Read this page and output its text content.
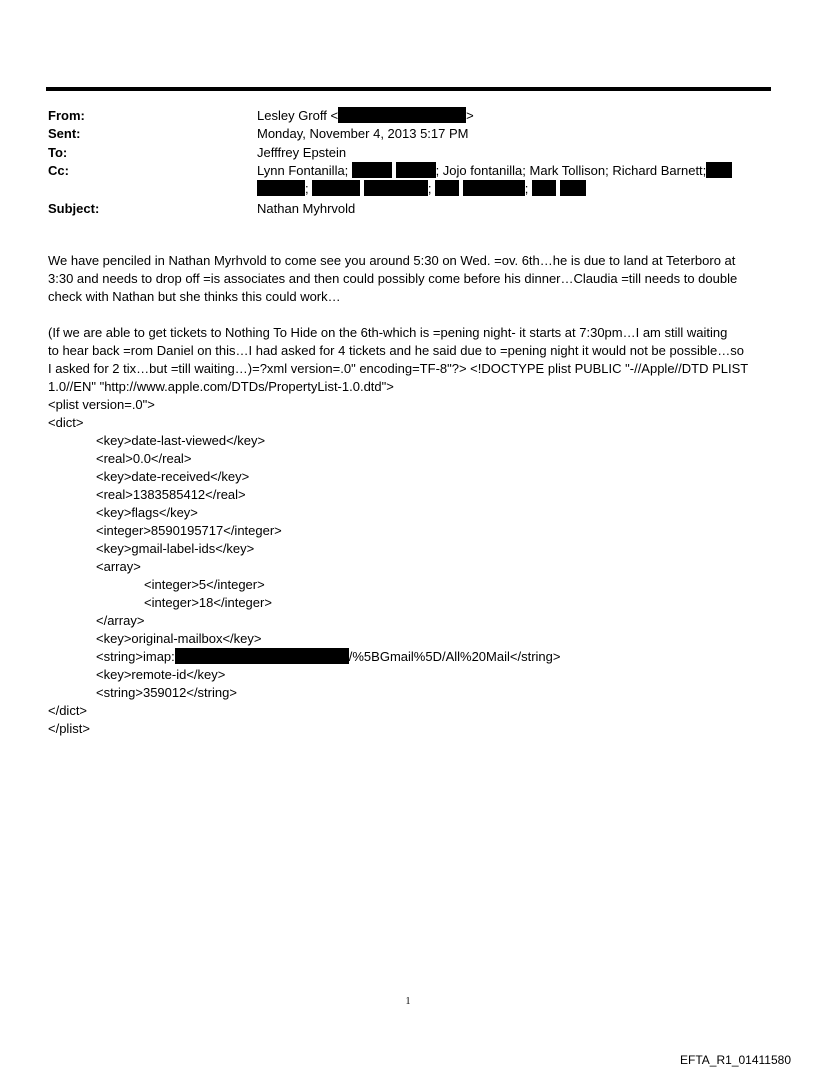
From:	Lesley Groff <	>
Sent:	Monday, November 4, 2013 5:17 PM
To:	Jefffrey Epstein
Cc:	Lynn Fontanilla;	; Jojo fontanilla; Mark Tollison; Richard Barnett;
;	;	;
Subject:	Nathan Myhrvold
We have penciled in Nathan Myrhvold to come see you around 5:30 on Wed. =ov. 6th…he is due to land at Teterboro at
3:30 and needs to drop off =is associates and then could possibly come before his dinner…Claudia =till needs to double
check with Nathan but she thinks this could work…
(If we are able to get tickets to Nothing To Hide on the 6th-which is =pening night- it starts at 7:30pm…I am still waiting
to hear back =rom Daniel on this…I had asked for 4 tickets and he said due to =pening night it would not be possible…so
I asked for 2 tix…but =till waiting…)=?xml version=.0" encoding=TF-8"?> <!DOCTYPE plist PUBLIC "-//Apple//DTD PLIST
1.0//EN" "http://www.apple.com/DTDs/PropertyList-1.0.dtd">
<plist version=.0">
<dict>
<key>date-last-viewed</key>
<real>0.0</real>
<key>date-received</key>
<real>1383585412</real>
<key>flags</key>
<integer>8590195717</integer>
<key>gmail-label-ids</key>
<array>
<integer>5</integer>
<integer>18</integer>
</array>
<key>original-mailbox</key>
<string>imap:	/%5BGmail%5D/All%20Mail</string>
<key>remote-id</key>
<string>359012</string>
</dict>
</plist>
1
EFTA_R1_01411580
